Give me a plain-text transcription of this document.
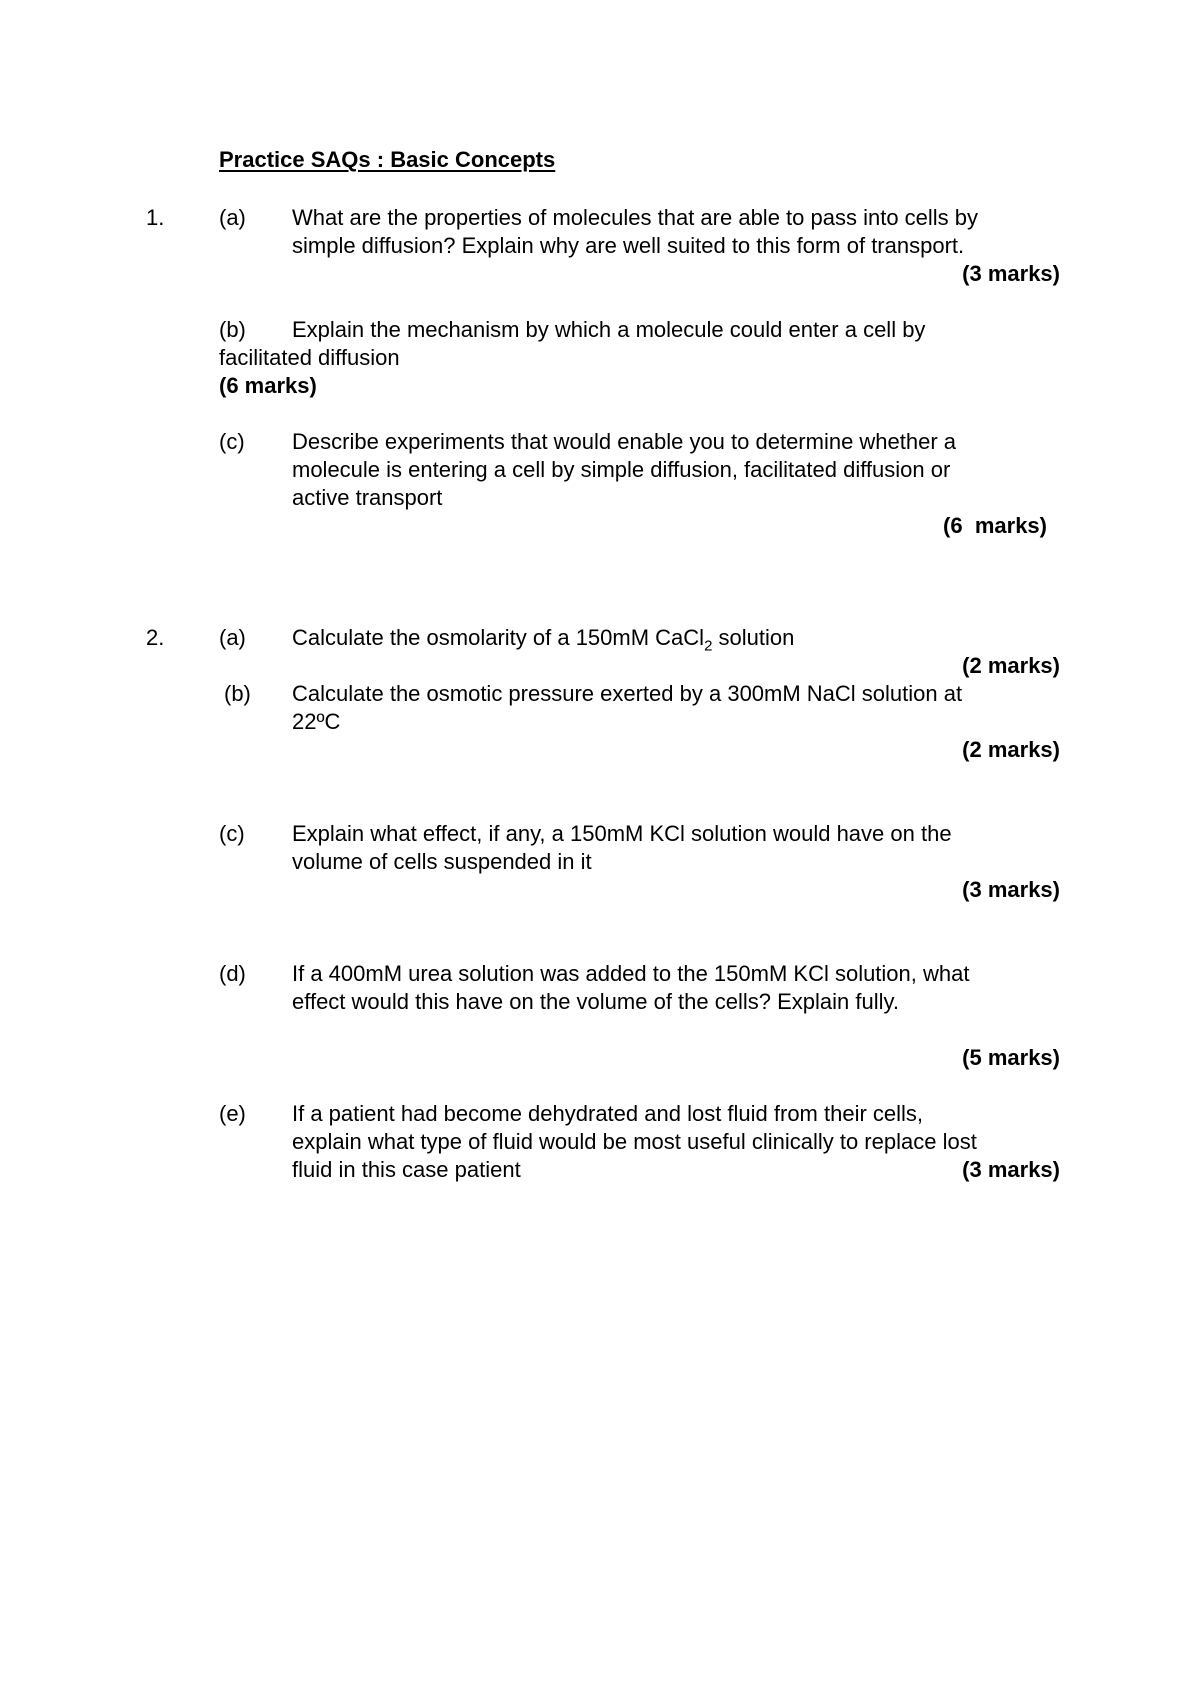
Practice SAQs : Basic Concepts
1. (a) What are the properties of molecules that are able to pass into cells by
simple diffusion? Explain why are well suited to this form of transport.
(3 marks)
(b) Explain the mechanism by which a molecule could enter a cell by
facilitated diffusion
(6 marks)
(c) Describe experiments that would enable you to determine whether a
molecule is entering a cell by simple diffusion, facilitated diffusion or
active transport
(6  marks)
2. (a) Calculate the osmolarity of a 150mM CaCl$_2$ solution
(2 marks)
(b) Calculate the osmotic pressure exerted by a 300mM NaCl solution at
22ºC
(2 marks)
(c) Explain what effect, if any, a 150mM KCl solution would have on the
volume of cells suspended in it
(3 marks)
(d) If a 400mM urea solution was added to the 150mM KCl solution, what
effect would this have on the volume of the cells? Explain fully.
(5 marks)
(e) If a patient had become dehydrated and lost fluid from their cells,
explain what type of fluid would be most useful clinically to replace lost
fluid in this case patient	(3 marks)
